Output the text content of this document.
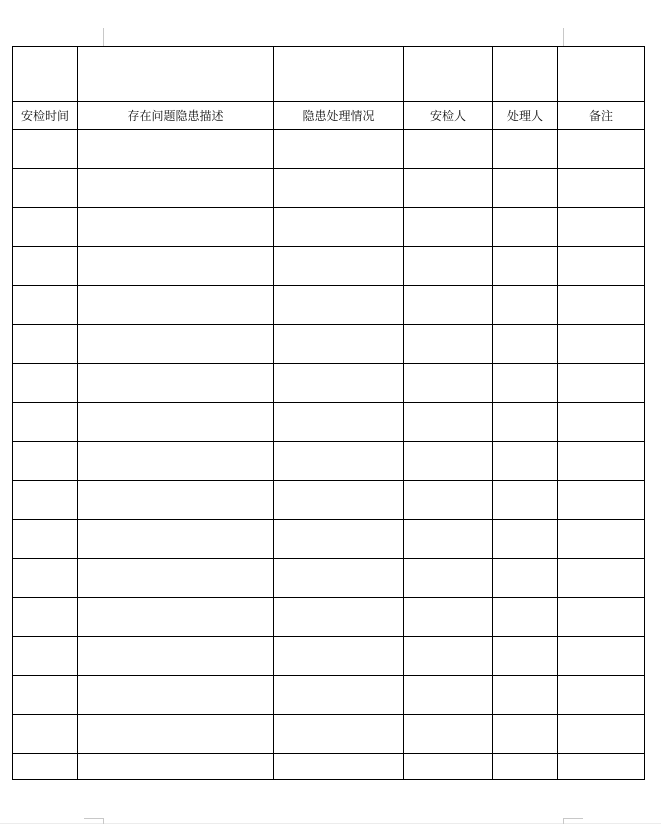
安检时间	存在问题隐患描述	隐患处理情况	安检人	处理人	备注
